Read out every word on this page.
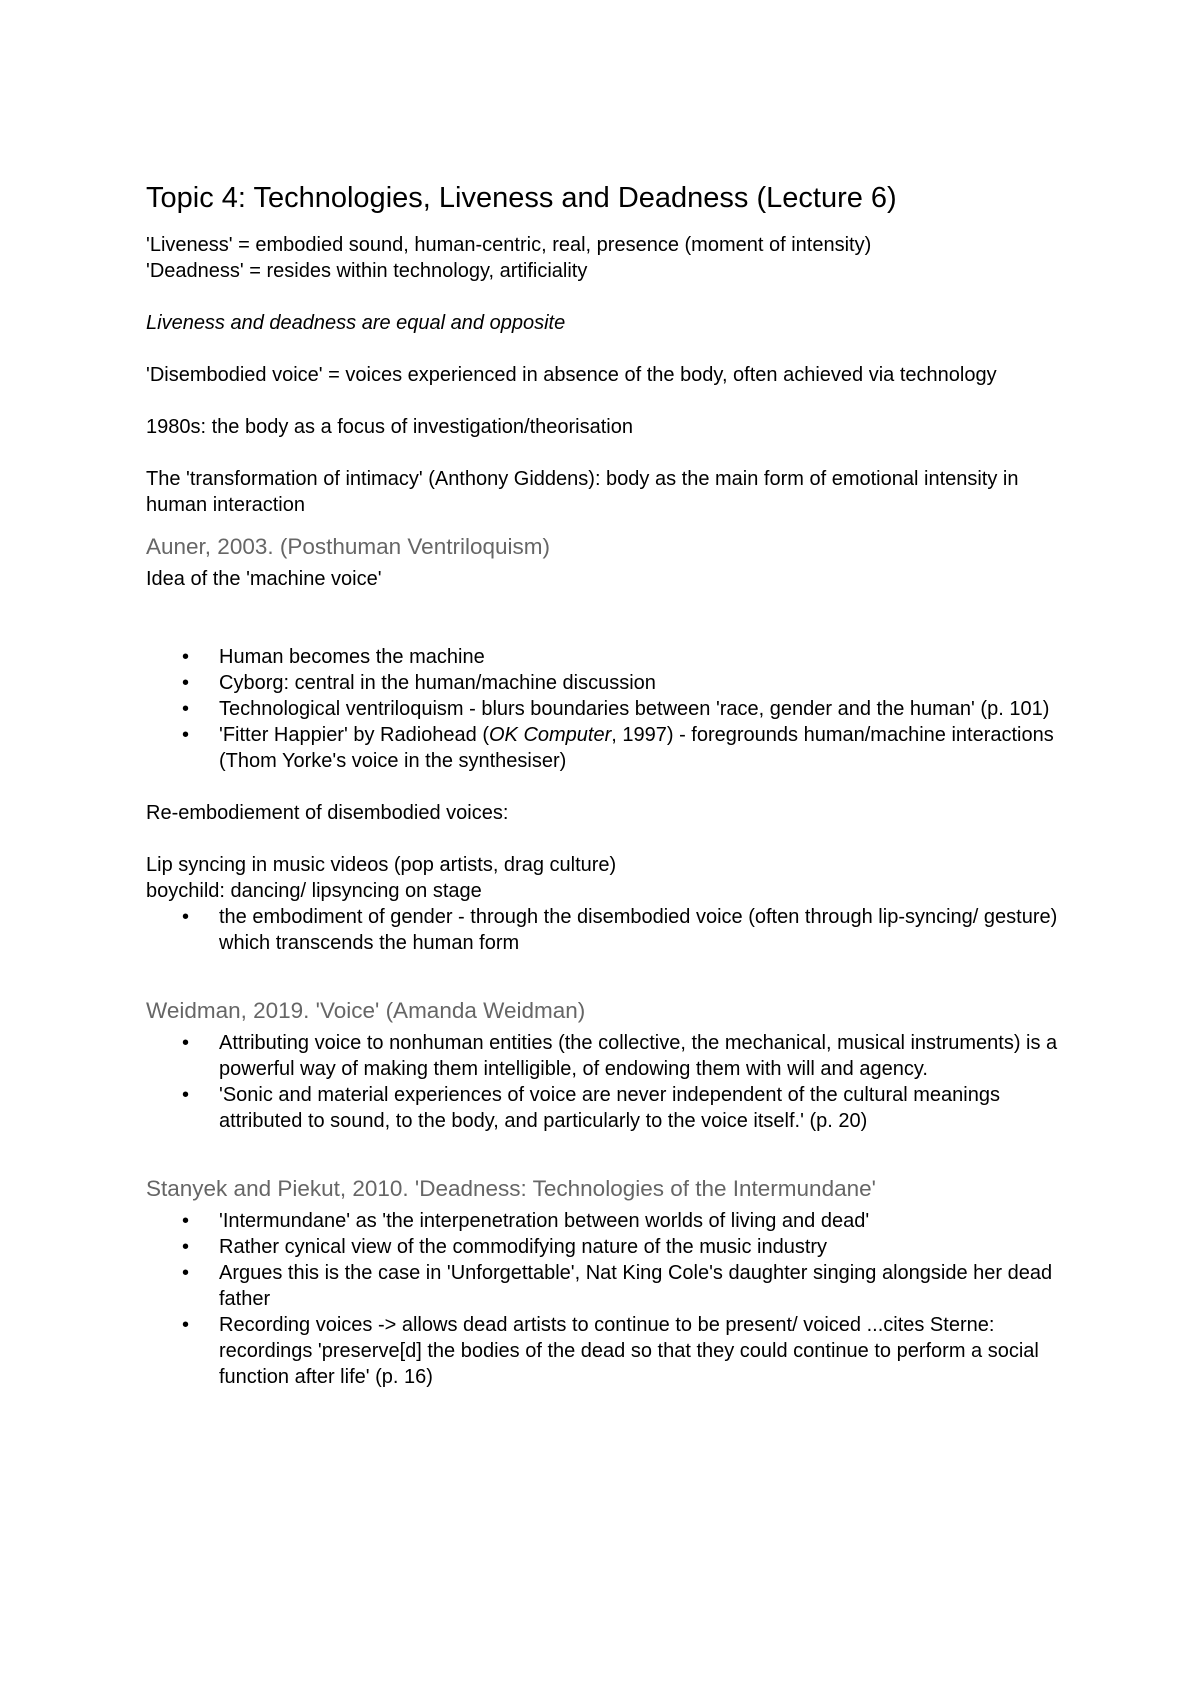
Topic 4: Technologies, Liveness and Deadness (Lecture 6)

'Liveness' = embodied sound, human-centric, real, presence (moment of intensity)

'Deadness' = resides within technology, artificiality

Liveness and deadness are equal and opposite

'Disembodied voice' = voices experienced in absence of the body, often achieved via technology

1980s: the body as a focus of investigation/theorisation

The 'transformation of intimacy' (Anthony Giddens): body as the main form of emotional intensity in human interaction

Auner, 2003. (Posthuman Ventriloquism)

Idea of the 'machine voice'

• Human becomes the machine
• Cyborg: central in the human/machine discussion
• Technological ventriloquism - blurs boundaries between 'race, gender and the human' (p. 101)
• 'Fitter Happier' by Radiohead (OK Computer, 1997) - foregrounds human/machine interactions (Thom Yorke's voice in the synthesiser)

Re-embodiement of disembodied voices:

Lip syncing in music videos (pop artists, drag culture)

boychild: dancing/ lipsyncing on stage

• the embodiment of gender - through the disembodied voice (often through lip-syncing/ gesture) which transcends the human form
Weidman, 2019. 'Voice' (Amanda Weidman)
• Attributing voice to nonhuman entities (the collective, the mechanical, musical instruments) is a powerful way of making them intelligible, of endowing them with will and agency.
• 'Sonic and material experiences of voice are never independent of the cultural meanings attributed to sound, to the body, and particularly to the voice itself.' (p. 20)
Stanyek and Piekut, 2010. 'Deadness: Technologies of the Intermundane'
• 'Intermundane' as 'the interpenetration between worlds of living and dead'
• Rather cynical view of the commodifying nature of the music industry
• Argues this is the case in 'Unforgettable', Nat King Cole's daughter singing alongside her dead father
• Recording voices -> allows dead artists to continue to be present/ voiced ...cites Sterne: recordings 'preserve[d] the bodies of the dead so that they could continue to perform a social function after life' (p. 16)
